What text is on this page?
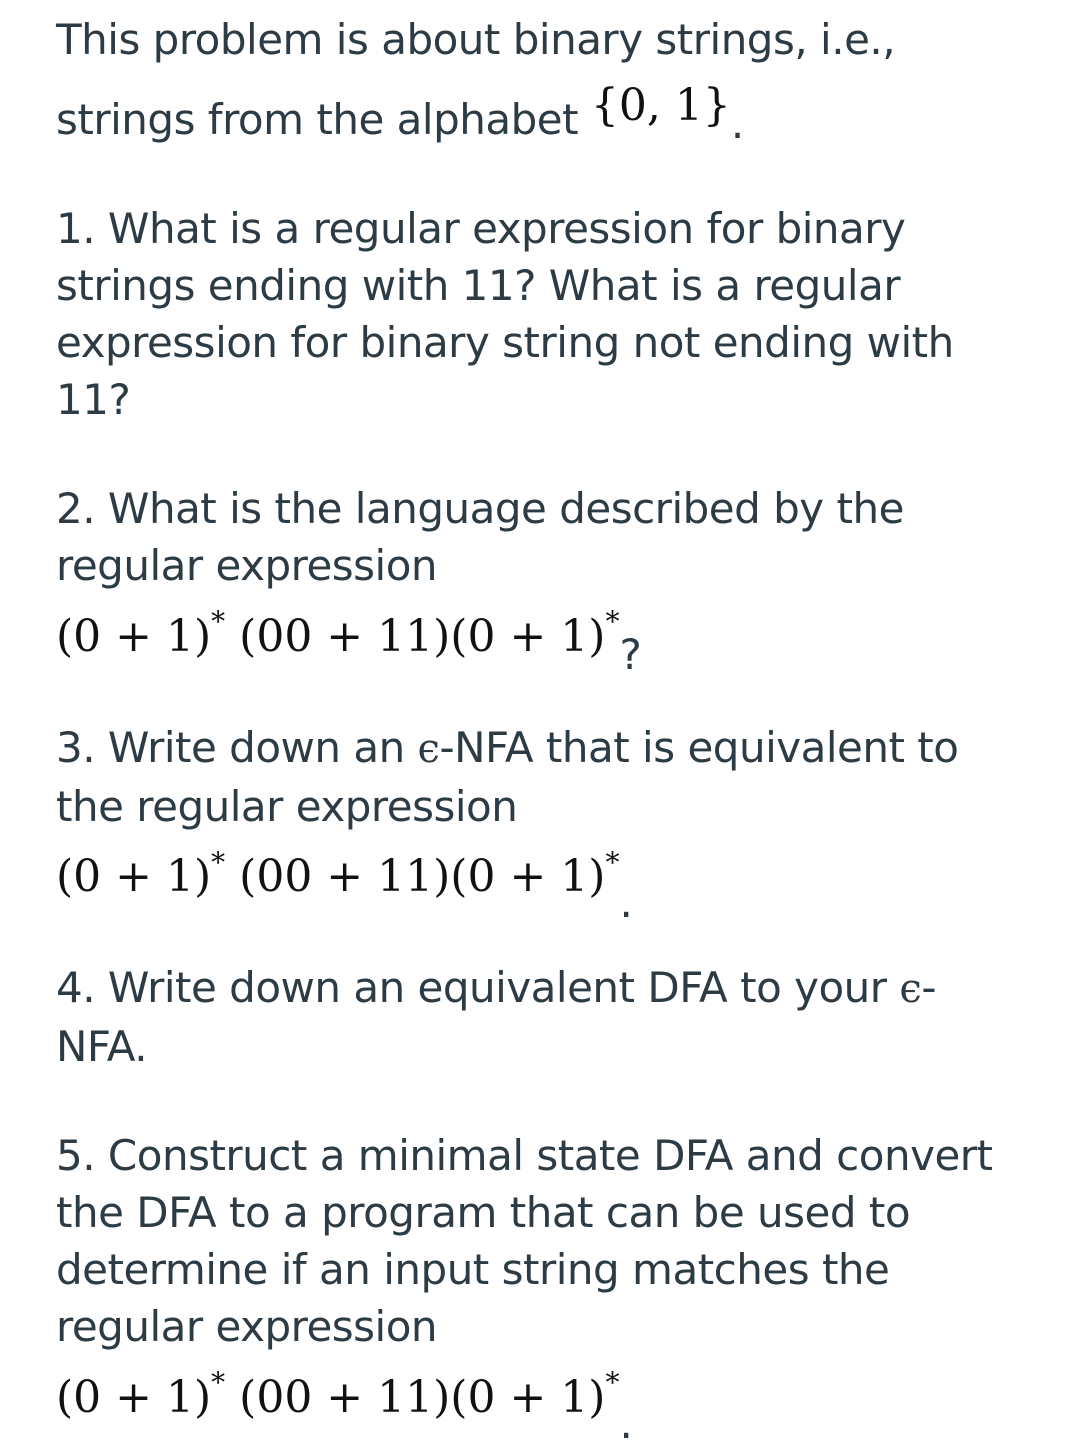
This problem is about binary strings, i.e.,
strings from the alphabet {0, 1}.
1. What is a regular expression for binary
strings ending with 11? What is a regular
expression for binary string not ending with
11?
2. What is the language described by the
regular expression
(0 + 1)* (00 + 11)(0 + 1)*?
3. Write down an ϵ-NFA that is equivalent to
the regular expression
(0 + 1)* (00 + 11)(0 + 1)*.
4. Write down an equivalent DFA to your ϵ-
NFA.
5. Construct a minimal state DFA and convert
the DFA to a program that can be used to
determine if an input string matches the
regular expression
(0 + 1)* (00 + 11)(0 + 1)*.
